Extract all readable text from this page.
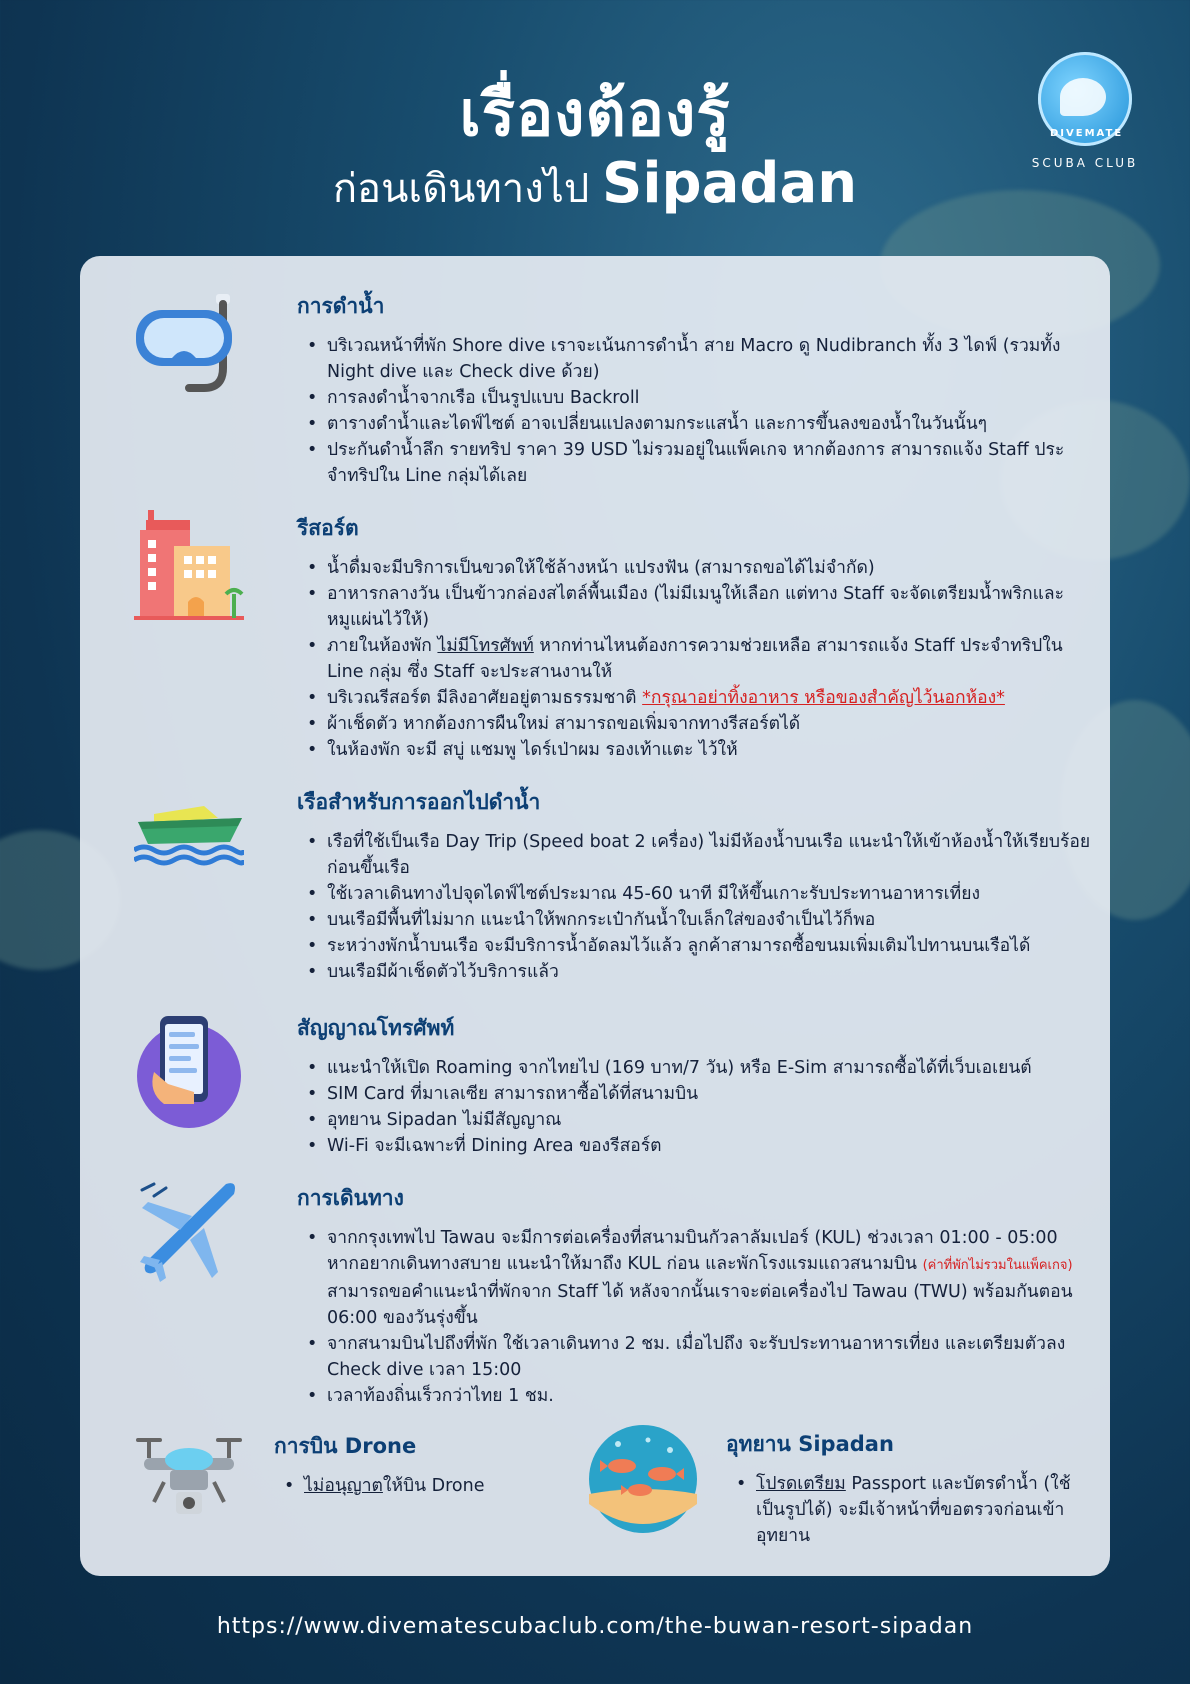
เรื่องต้องรู้
ก่อนเดินทางไป Sipadan
DIVEMATE
SCUBA CLUB
การดำน้ำ
• บริเวณหน้าที่พัก Shore dive เราจะเน้นการดำน้ำ สาย Macro ดู Nudibranch ทั้ง 3 ไดฟ์ (รวมทั้ง Night dive และ Check dive ด้วย)
• การลงดำน้ำจากเรือ เป็นรูปแบบ Backroll
• ตารางดำน้ำและไดฟ์ไซต์ อาจเปลี่ยนแปลงตามกระแสน้ำ และการขึ้นลงของน้ำในวันนั้นๆ
• ประกันดำน้ำลึก รายทริป ราคา 39 USD ไม่รวมอยู่ในแพ็คเกจ หากต้องการ สามารถแจ้ง Staff ประจำทริปใน Line กลุ่มได้เลย
รีสอร์ต
• น้ำดื่มจะมีบริการเป็นขวดให้ใช้ล้างหน้า แปรงฟัน (สามารถขอได้ไม่จำกัด)
• อาหารกลางวัน เป็นข้าวกล่องสไตล์พื้นเมือง (ไม่มีเมนูให้เลือก แต่ทาง Staff จะจัดเตรียมน้ำพริกและหมูแผ่นไว้ให้)
• ภายในห้องพัก ไม่มีโทรศัพท์ หากท่านไหนต้องการความช่วยเหลือ สามารถแจ้ง Staff ประจำทริปใน Line กลุ่ม ซึ่ง Staff จะประสานงานให้
• บริเวณรีสอร์ต มีลิงอาศัยอยู่ตามธรรมชาติ *กรุณาอย่าทิ้งอาหาร หรือของสำคัญไว้นอกห้อง*
• ผ้าเช็ดตัว หากต้องการผืนใหม่ สามารถขอเพิ่มจากทางรีสอร์ตได้
• ในห้องพัก จะมี สบู่ แชมพู ไดร์เป่าผม รองเท้าแตะ ไว้ให้
เรือสำหรับการออกไปดำน้ำ
• เรือที่ใช้เป็นเรือ Day Trip (Speed boat 2 เครื่อง) ไม่มีห้องน้ำบนเรือ แนะนำให้เข้าห้องน้ำให้เรียบร้อยก่อนขึ้นเรือ
• ใช้เวลาเดินทางไปจุดไดฟ์ไซต์ประมาณ 45-60 นาที มีให้ขึ้นเกาะรับประทานอาหารเที่ยง
• บนเรือมีพื้นที่ไม่มาก แนะนำให้พกกระเป๋ากันน้ำใบเล็กใส่ของจำเป็นไว้ก็พอ
• ระหว่างพักน้ำบนเรือ จะมีบริการน้ำอัดลมไว้แล้ว ลูกค้าสามารถซื้อขนมเพิ่มเติมไปทานบนเรือได้
• บนเรือมีผ้าเช็ดตัวไว้บริการแล้ว
สัญญาณโทรศัพท์
• แนะนำให้เปิด Roaming จากไทยไป (169 บาท/7 วัน) หรือ E-Sim สามารถซื้อได้ที่เว็บเอเยนต์
• SIM Card ที่มาเลเซีย สามารถหาซื้อได้ที่สนามบิน
• อุทยาน Sipadan ไม่มีสัญญาณ
• Wi-Fi จะมีเฉพาะที่ Dining Area ของรีสอร์ต
การเดินทาง
• จากกรุงเทพไป Tawau จะมีการต่อเครื่องที่สนามบินกัวลาลัมเปอร์ (KUL) ช่วงเวลา 01:00 - 05:00 หากอยากเดินทางสบาย แนะนำให้มาถึง KUL ก่อน และพักโรงแรมแถวสนามบิน (ค่าที่พักไม่รวมในแพ็คเกจ) สามารถขอคำแนะนำที่พักจาก Staff ได้ หลังจากนั้นเราจะต่อเครื่องไป Tawau (TWU) พร้อมกันตอน 06:00 ของวันรุ่งขึ้น
• จากสนามบินไปถึงที่พัก ใช้เวลาเดินทาง 2 ชม. เมื่อไปถึง จะรับประทานอาหารเที่ยง และเตรียมตัวลง Check dive เวลา 15:00
• เวลาท้องถิ่นเร็วกว่าไทย 1 ชม.
การบิน Drone
• ไม่อนุญาตให้บิน Drone
อุทยาน Sipadan
• โปรดเตรียม Passport และบัตรดำน้ำ (ใช้เป็นรูปได้) จะมีเจ้าหน้าที่ขอตรวจก่อนเข้าอุทยาน
https://www.divematescubaclub.com/the-buwan-resort-sipadan
